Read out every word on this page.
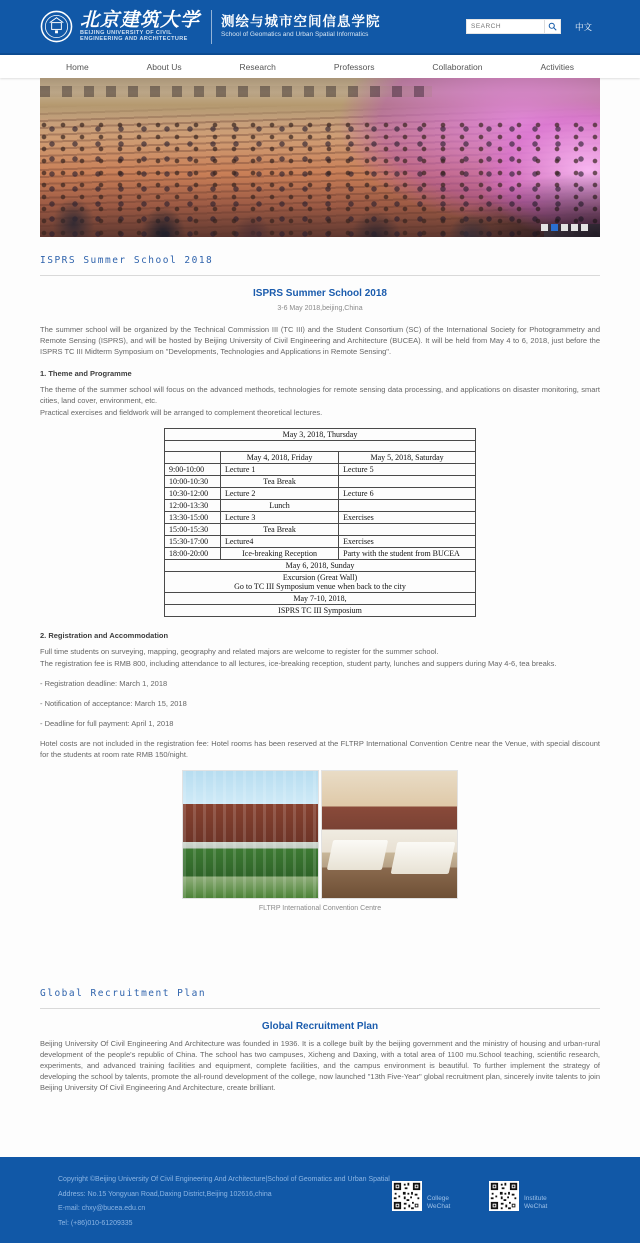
北京建筑大学
BEIJING UNIVERSITY OF CIVIL
ENGINEERING AND ARCHITECTURE
测绘与城市空间信息学院
School of Geomatics and Urban Spatial Informatics
SEARCH
中文
Home	About Us	Research	Professors	Collaboration	Activities
ISPRS Summer School 2018
ISPRS Summer School 2018
3-6 May 2018,beijing,China

The summer school will be organized by the Technical Commission III (TC III) and the Student Consortium (SC) of the International Society for Photogrammetry and Remote Sensing (ISPRS), and will be hosted by Beijing University of Civil Engineering and Architecture (BUCEA). It will be held from May 4 to 6, 2018, just before the ISPRS TC III Midterm Symposium on "Developments, Technologies and Applications in Remote Sensing".

1. Theme and Programme

The theme of the summer school will focus on the advanced methods, technologies for remote sensing data processing, and applications on disaster monitoring, smart cities, land cover, environment, etc.

Practical exercises and fieldwork will be arranged to complement theoretical lectures.

May 3, 2018, Thursday		

	May 4, 2018, Friday	May 5, 2018, Saturday
9:00-10:00	Lecture 1	Lecture 5
10:00-10:30	Tea Break	
10:30-12:00	Lecture 2	Lecture 6
12:00-13:30	Lunch	
13:30-15:00	Lecture 3	Exercises
15:00-15:30	Tea Break	
15:30-17:00	Lecture4	Exercises
18:00-20:00	Ice-breaking Reception	Party with the student from BUCEA
May 6, 2018, Sunday		
Excursion (Great Wall)
Go to TC III Symposium venue when back to the city		
May 7-10, 2018,		
ISPRS TC III Symposium		
2. Registration and Accommodation

Full time students on surveying, mapping, geography and related majors are welcome to register for the summer school.

The registration fee is RMB 800, including attendance to all lectures, ice-breaking reception, student party, lunches and suppers during May 4-6, tea breaks.

- Registration deadline: March 1, 2018

- Notification of acceptance: March 15, 2018

- Deadline for full payment: April 1, 2018

Hotel costs are not included in the registration fee: Hotel rooms has been reserved at the FLTRP International Convention Centre near the Venue, with special discount for the students at room rate RMB 150/night.

FLTRP International Convention Centre

Global Recruitment Plan
Global Recruitment Plan

Beijing University Of Civil Engineering And Architecture was founded in 1936. It is a college built by the beijing government and the ministry of housing and urban-rural development of the people's republic of China. The school has two campuses, Xicheng and Daxing, with a total area of 1100 mu.School teaching, scientific research, experiments, and advanced training facilities and equipment, complete facilities, and the campus environment is beautiful. To further implement the strategy of developing the school by talents, promote the all-round development of the college, now launched "13th Five-Year" global recruitment plan, sincerely invite talents to join Beijing University Of Civil Engineering And Architecture, create brilliant.

Copyright ©Beijing University Of Civil Engineering And Architecture|School of Geomatics and Urban Spatial

Address: No.15 Yongyuan Road,Daxing District,Beijing 102616,china

E-mail: chxy@bucea.edu.cn

Tel: (+86)010-61209335

College WeChat
Institute WeChat
